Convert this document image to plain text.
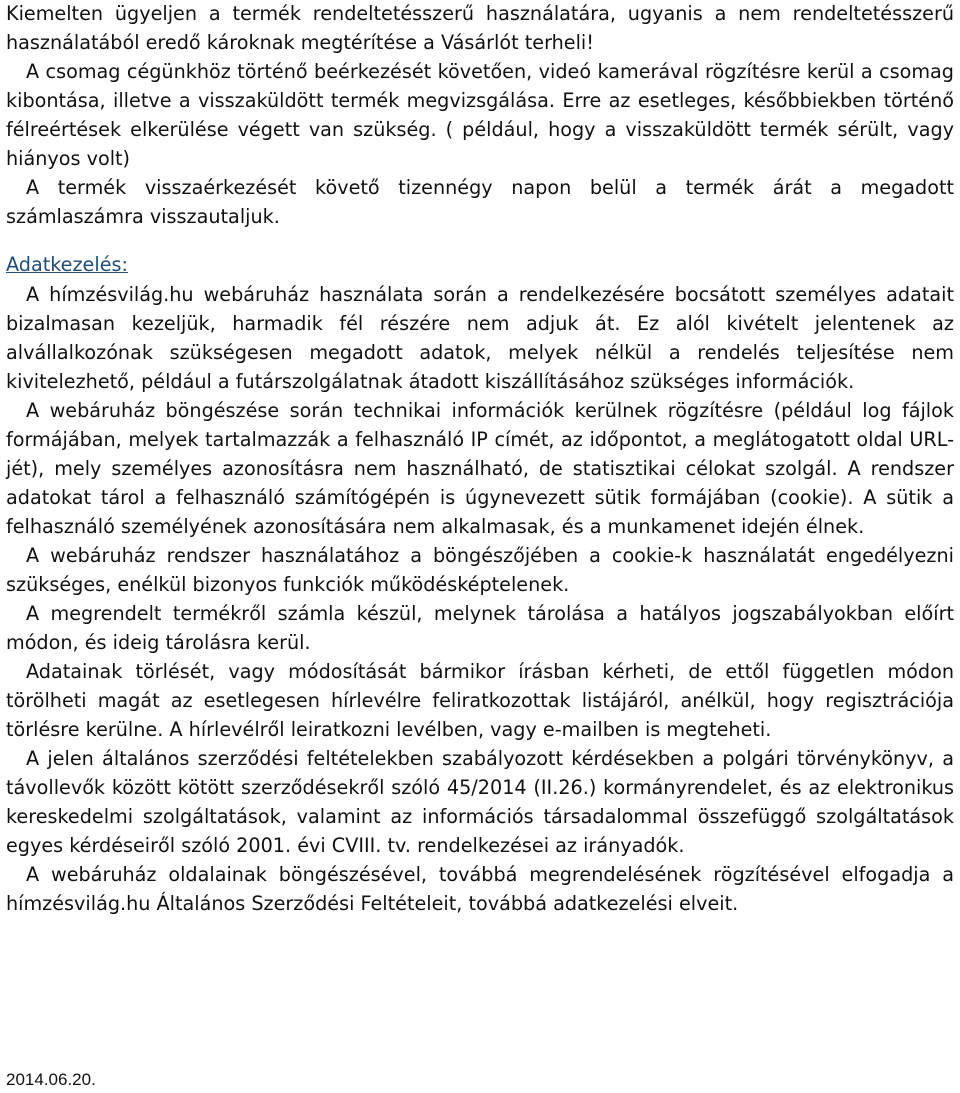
Kiemelten ügyeljen a termék rendeltetésszerű használatára, ugyanis a nem rendeltetésszerű használatából eredő károknak megtérítése a Vásárlót terheli!

A csomag cégünkhöz történő beérkezését követően, videó kamerával rögzítésre kerül a csomag kibontása, illetve a visszaküldött termék megvizsgálása. Erre az esetleges, későbbiekben történő félreértések elkerülése végett van szükség. ( például, hogy a visszaküldött termék sérült, vagy hiányos volt)

A termék visszaérkezését követő tizennégy napon belül a termék árát a megadott számlaszámra visszautaljuk.

Adatkezelés:

A hímzésvilág.hu webáruház használata során a rendelkezésére bocsátott személyes adatait bizalmasan kezeljük, harmadik fél részére nem adjuk át. Ez alól kivételt jelentenek az alvállalkozónak szükségesen megadott adatok, melyek nélkül a rendelés teljesítése nem kivitelezhető, például a futárszolgálatnak átadott kiszállításához szükséges információk.

A webáruház böngészése során technikai információk kerülnek rögzítésre (például log fájlok formájában, melyek tartalmazzák a felhasználó IP címét, az időpontot, a meglátogatott oldal URL-jét), mely személyes azonosításra nem használható, de statisztikai célokat szolgál. A rendszer adatokat tárol a felhasználó számítógépén is úgynevezett sütik formájában (cookie). A sütik a felhasználó személyének azonosítására nem alkalmasak, és a munkamenet idején élnek.

A webáruház rendszer használatához a böngészőjében a cookie-k használatát engedélyezni szükséges, enélkül bizonyos funkciók működésképtelenek.

A megrendelt termékről számla készül, melynek tárolása a hatályos jogszabályokban előírt módon, és ideig tárolásra kerül.

Adatainak törlését, vagy módosítását bármikor írásban kérheti, de ettől független módon törölheti magát az esetlegesen hírlevélre feliratkozottak listájáról, anélkül, hogy regisztrációja törlésre kerülne. A hírlevélről leiratkozni levélben, vagy e-mailben is megteheti.

A jelen általános szerződési feltételekben szabályozott kérdésekben a polgári törvénykönyv, a távollevők között kötött szerződésekről szóló 45/2014 (II.26.) kormányrendelet, és az elektronikus kereskedelmi szolgáltatások, valamint az információs társadalommal összefüggő szolgáltatások egyes kérdéseiről szóló 2001. évi CVIII. tv. rendelkezései az irányadók.

A webáruház oldalainak böngészésével, továbbá megrendelésének rögzítésével elfogadja a hímzésvilág.hu Általános Szerződési Feltételeit, továbbá adatkezelési elveit.

2014.06.20.
